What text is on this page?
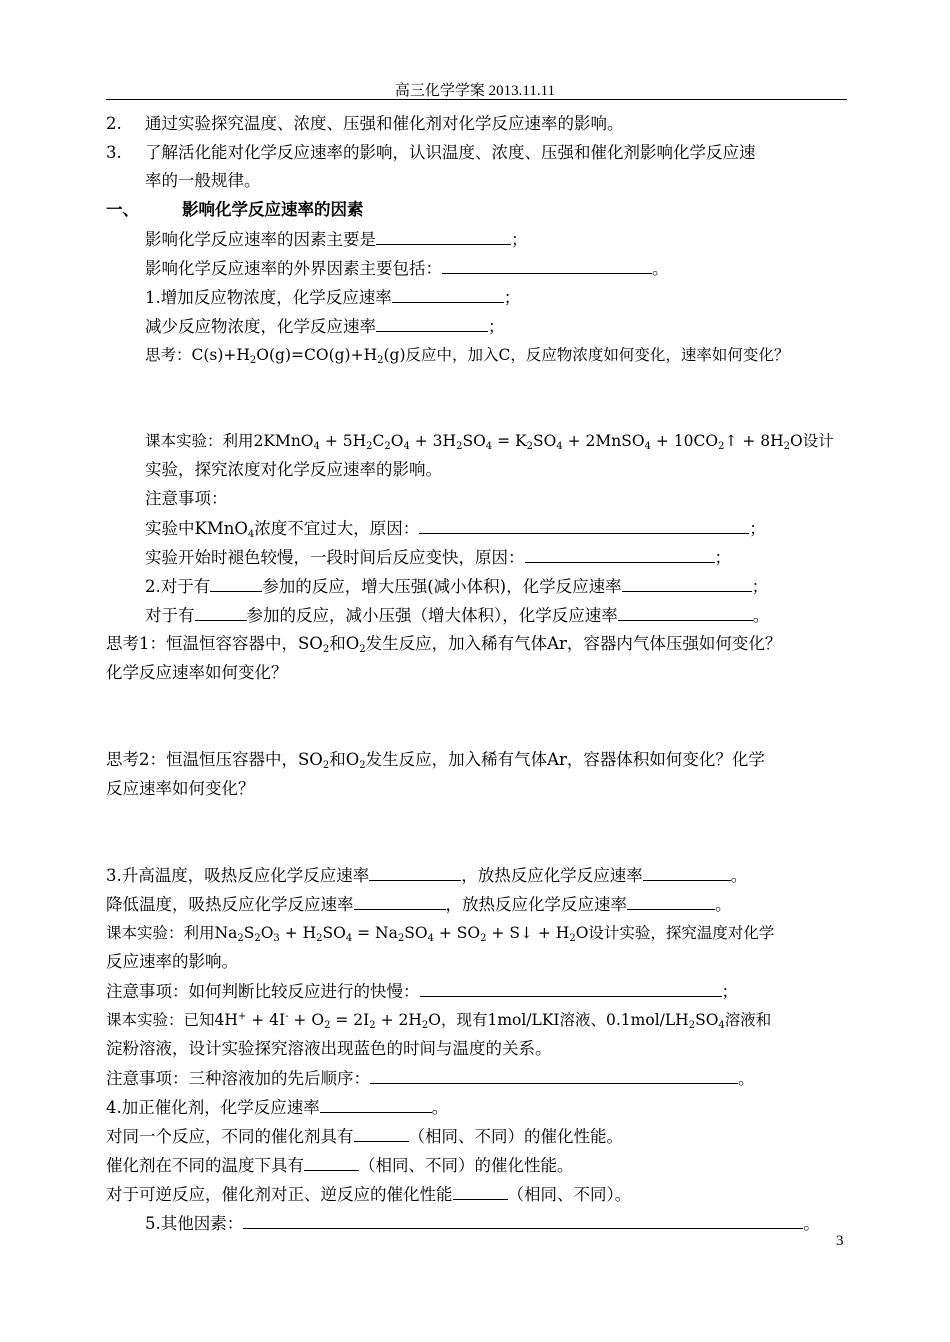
高三化学学案 2013.11.11
2. 通过实验探究温度、浓度、压强和催化剂对化学反应速率的影响。
3. 了解活化能对化学反应速率的影响，认识温度、浓度、压强和催化剂影响化学反应速
率的一般规律。
一、	影响化学反应速率的因素
影响化学反应速率的因素主要是	；
影响化学反应速率的外界因素主要包括：	。
1.增加反应物浓度，化学反应速率	；
减少反应物浓度，化学反应速率	；
思考：$C(s)+H_2O(g)=CO(g)+H_2(g)$反应中，加入C，反应物浓度如何变化，速率如何变化？
课本实验：利用2KMnO$_4$ + $5H_2C_2O_4 + 3H_2SO_4 = K_2SO_4$ + 2MnSO$_4$ + $10CO_2↑ + 8H_2O$设计
实验，探究浓度对化学反应速率的影响。
注意事项：
实验中KMnO$_4$浓度不宜过大，原因：	；
实验开始时褪色较慢，一段时间后反应变快，原因：	；
2.对于有	参加的反应，增大压强(减小体积)，化学反应速率	；
对于有	参加的反应，减小压强（增大体积），化学反应速率	。
思考1：恒温恒容容器中，$SO_2$和$O_2$发生反应，加入稀有气体Ar，容器内气体压强如何变化？
化学反应速率如何变化？
思考2：恒温恒压容器中，$SO_2$和$O_2$发生反应，加入稀有气体Ar，容器体积如何变化？化学
反应速率如何变化？
3.升高温度，吸热反应化学反应速率	，放热反应化学反应速率	。
降低温度，吸热反应化学反应速率	，放热反应化学反应速率	。
课本实验：利用$Na_2S_2O_3 + H_2SO_4 = Na_2SO_4 + SO_2$ + S↓ + $H_2O$设计实验，探究温度对化学
反应速率的影响。
注意事项：如何判断比较反应进行的快慢：	；
课本实验：已知$4H^+ + 4I^- + O_2 = 2I_2 + 2H_2O$，现有1mol/LKI溶液、$0.1mol/LH_2SO_4$溶液和
淀粉溶液，设计实验探究溶液出现蓝色的时间与温度的关系。
注意事项：三种溶液加的先后顺序：	。
4.加正催化剂，化学反应速率	。
对同一个反应，不同的催化剂具有	（相同、不同）的催化性能。
催化剂在不同的温度下具有	（相同、不同）的催化性能。
对于可逆反应，催化剂对正、逆反应的催化性能	（相同、不同）。
5.其他因素：	。
3
